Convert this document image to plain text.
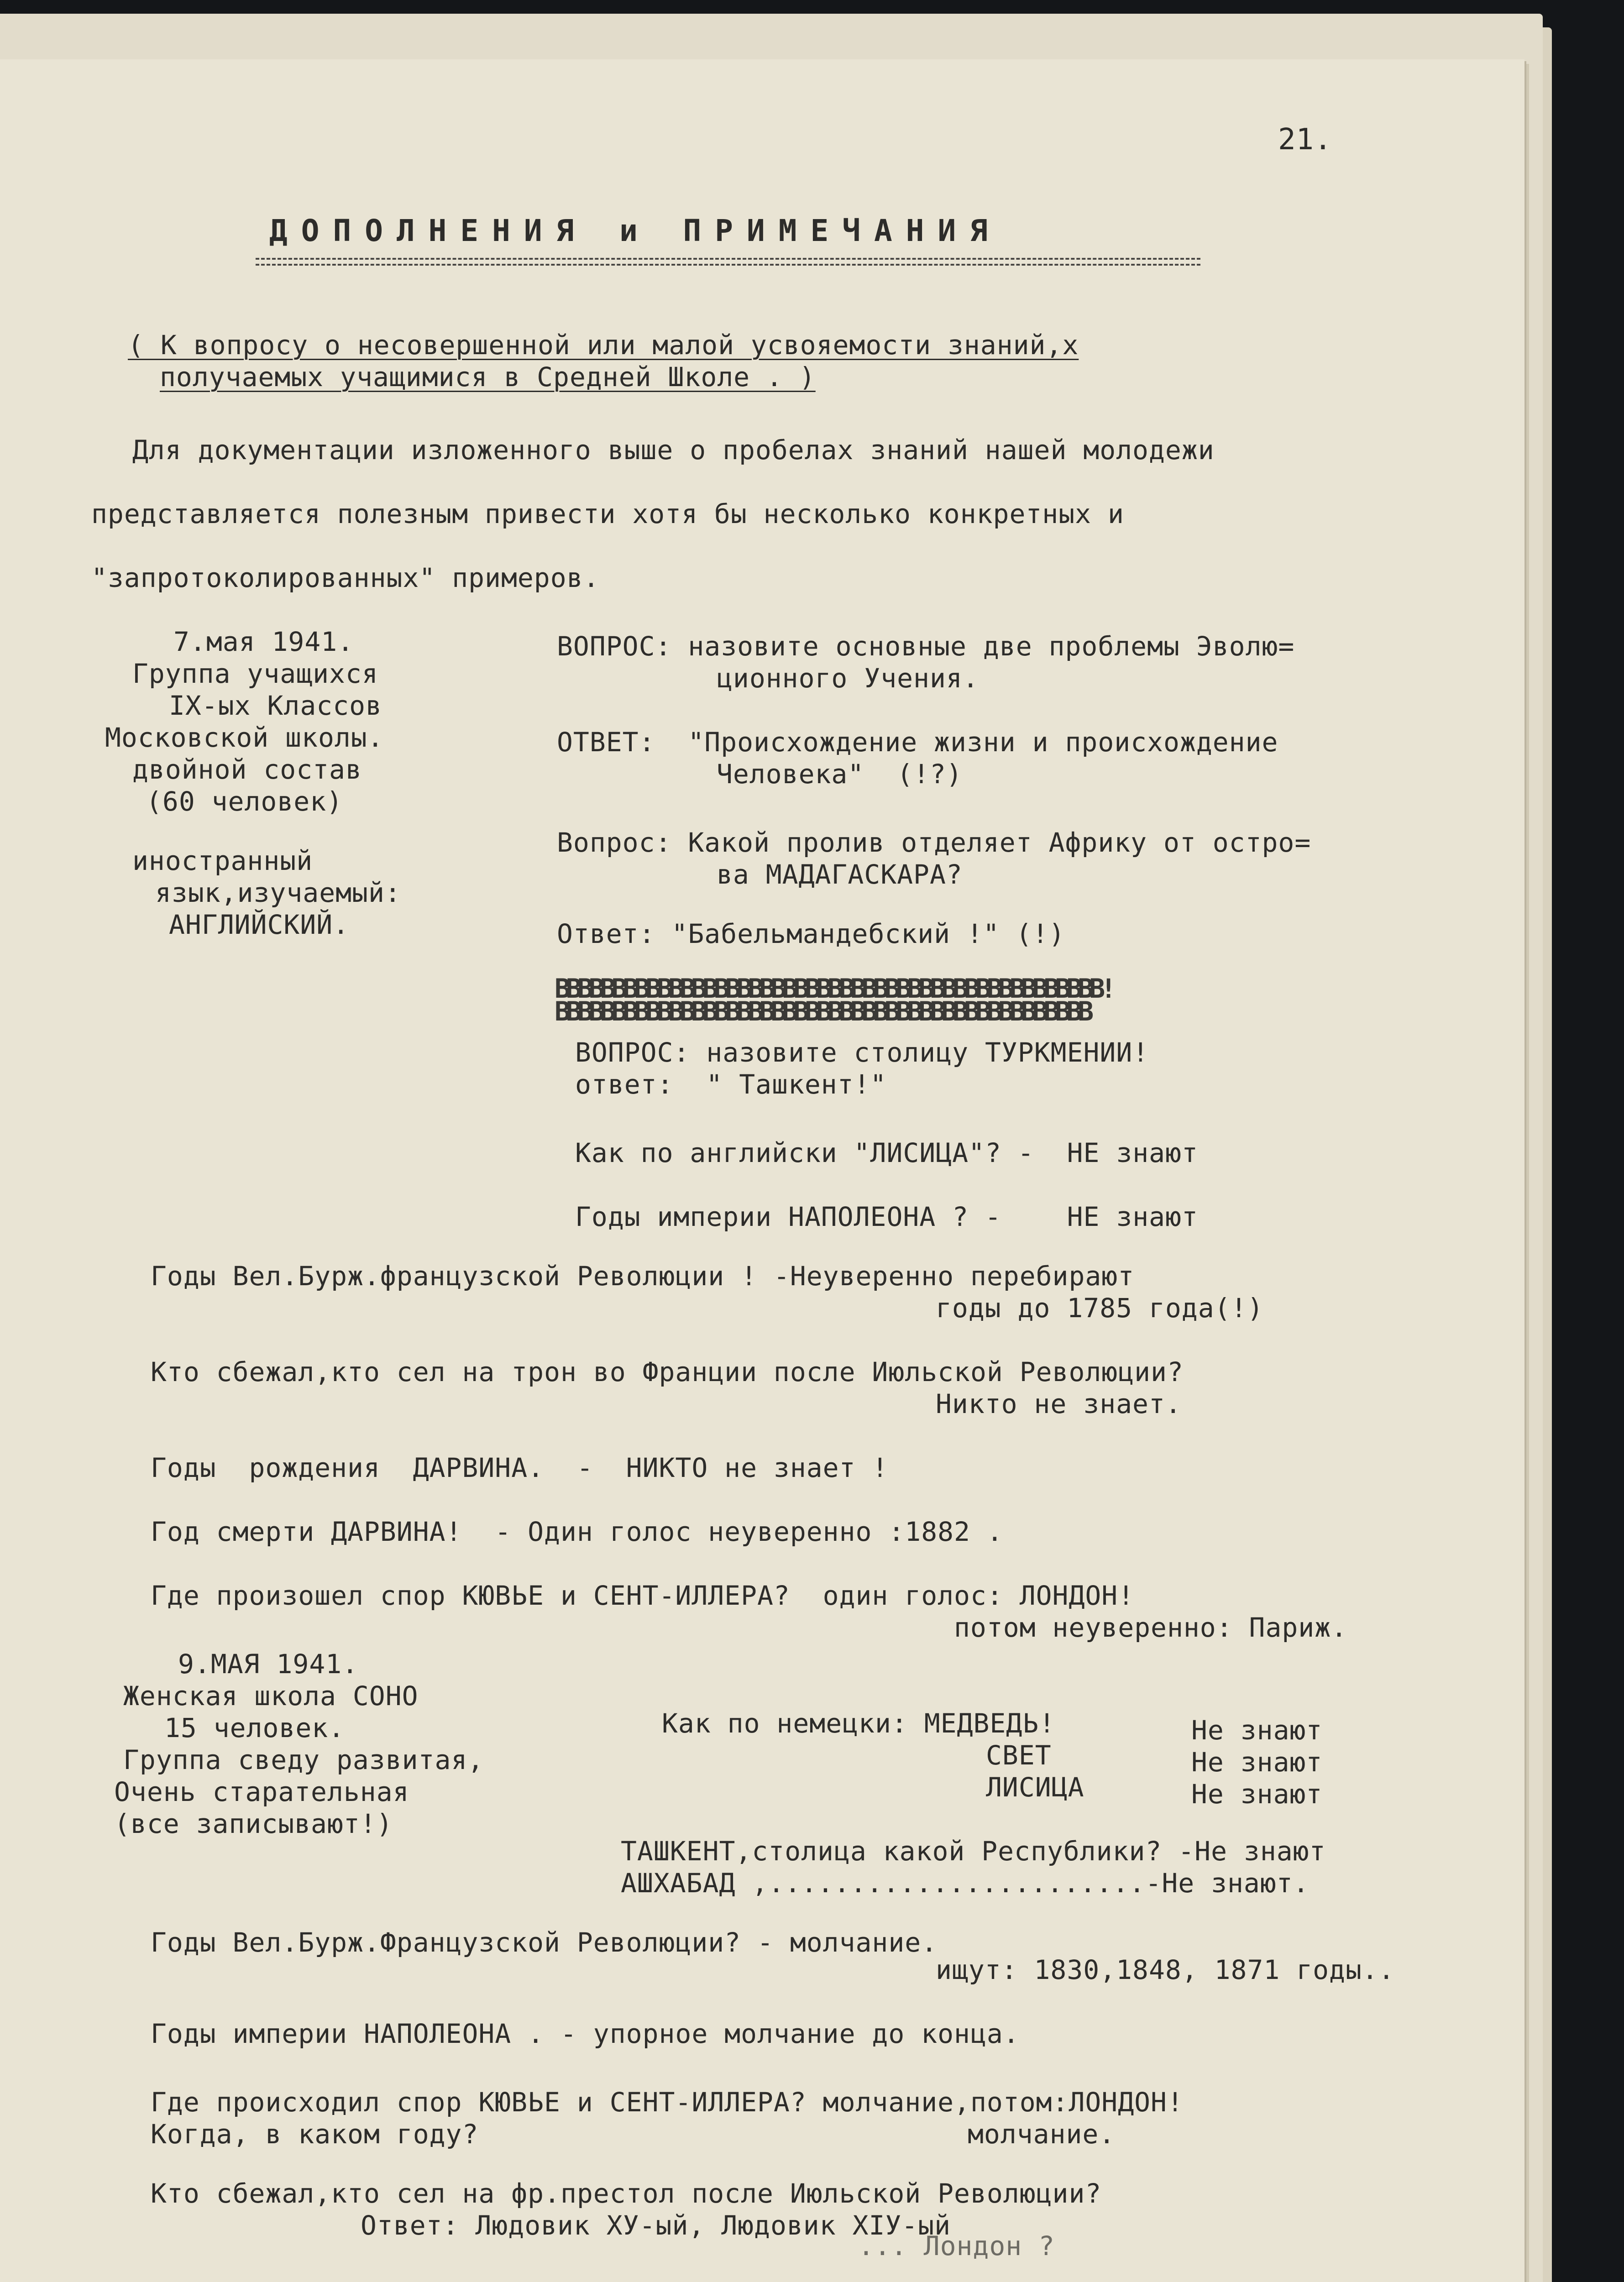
21.
ДОПОЛНЕНИЯ и ПРИМЕЧАНИЯ
( К вопросу о несовершенной или малой усвояемости знаний,х
получаемых учащимися в Средней Школе . )
Для документации изложенного выше о пробелах знаний нашей молодежи
представляется полезным привести хотя бы несколько конкретных и
"запротоколированных" примеров.
7.мая 1941.
Группа учащихся
IX-ых Классов
Московской школы.
двойной состав
(60 человек)
иностранный
язык,изучаемый:
АНГЛИЙСКИЙ.
ВОПРОС: назовите основные две проблемы Эволю=
ционного Учения.
ОТВЕТ:  "Происхождение жизни и происхождение
Человека"  (!?)
Вопрос: Какой пролив отделяет Африку от остро=
ва МАДАГАСКАРА?
Ответ: "Бабельмандебский !" (!)
ВВВВВВВВВВВВВВВВВВВВВВВВВВВВВВВВВВВВВВВВВВВВВВВВ!
ВВВВВВВВВВВВВВВВВВВВВВВВВВВВВВВВВВВВВВВВВВВВВВВ
ВОПРОС: назовите столицу ТУРКМЕНИИ!
ответ:  " Ташкент!"
Как по английски "ЛИСИЦА"? -  НЕ знают
Годы империи НАПОЛЕОНА ? -    НЕ знают
Годы Вел.Бурж.французской Революции ! -Неуверенно перебирают
годы до 1785 года(!)
Кто сбежал,кто сел на трон во Франции после Июльской Революции?
Никто не знает.
Годы  рождения  ДАРВИНА.  -  НИКТО не знает !
Год смерти ДАРВИНА!  - Один голос неуверенно :1882 .
Где произошел спор КЮВЬЕ и СЕНТ-ИЛЛЕРА?  один голос: ЛОНДОН!
потом неуверенно: Париж.
9.МАЯ 1941.
Женская школа СОНО
15 человек.
Группа сведу развитая,
Очень старательная
(все записывают!)
Как по немецки: МЕДВЕДЬ!	Не знают
СВЕТ	Не знают
ЛИСИЦА	Не знают
ТАШКЕНТ,столица какой Республики? -Не знают
АШХАБАД ,.......................-Не знают.
Годы Вел.Бурж.Французской Революции? - молчание.
ищут: 1830,1848, 1871 годы..
Годы империи НАПОЛЕОНА . - упорное молчание до конца.
Где происходил спор КЮВЬЕ и СЕНТ-ИЛЛЕРА? молчание,потом:ЛОНДОН!
Когда, в каком году?	молчание.
Кто сбежал,кто сел на фр.престол после Июльской Революции?
Ответ: Людовик ХУ-ый, Людовик XIУ-ый
... Лондон ?
